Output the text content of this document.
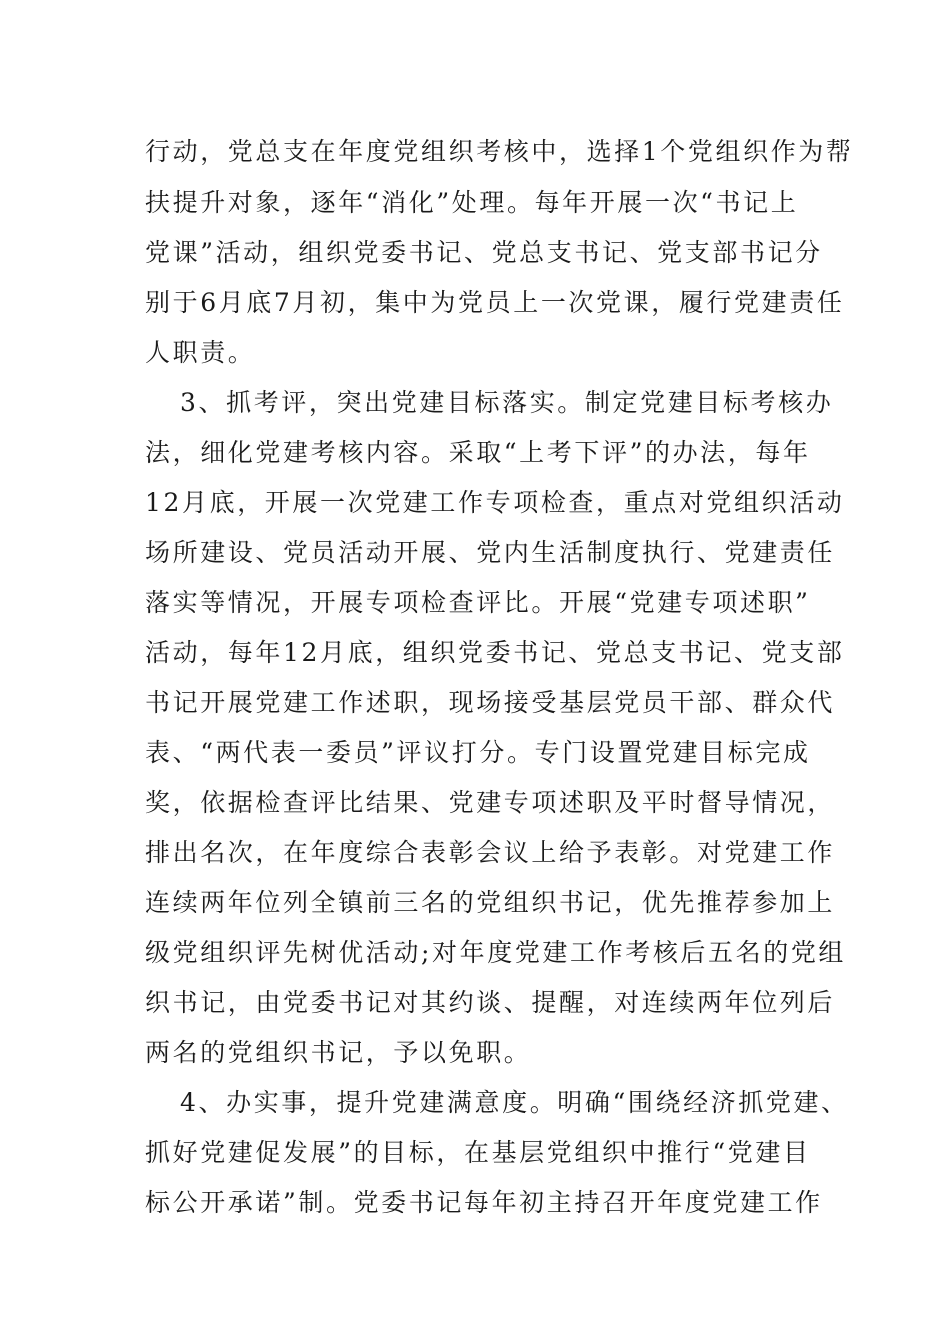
行动，党总支在年度党组织考核中，选择1个党组织作为帮

扶提升对象，逐年“消化”处理。每年开展一次“书记上

党课”活动，组织党委书记、党总支书记、党支部书记分

别于6月底7月初，集中为党员上一次党课，履行党建责任

人职责。

3、抓考评，突出党建目标落实。制定党建目标考核办

法，细化党建考核内容。采取“上考下评”的办法，每年

12月底，开展一次党建工作专项检查，重点对党组织活动

场所建设、党员活动开展、党内生活制度执行、党建责任

落实等情况，开展专项检查评比。开展“党建专项述职”

活动，每年12月底，组织党委书记、党总支书记、党支部

书记开展党建工作述职，现场接受基层党员干部、群众代

表、“两代表一委员”评议打分。专门设置党建目标完成

奖，依据检查评比结果、党建专项述职及平时督导情况，

排出名次，在年度综合表彰会议上给予表彰。对党建工作

连续两年位列全镇前三名的党组织书记，优先推荐参加上

级党组织评先树优活动;对年度党建工作考核后五名的党组

织书记，由党委书记对其约谈、提醒，对连续两年位列后

两名的党组织书记，予以免职。

4、办实事，提升党建满意度。明确“围绕经济抓党建、

抓好党建促发展”的目标，在基层党组织中推行“党建目

标公开承诺”制。党委书记每年初主持召开年度党建工作
